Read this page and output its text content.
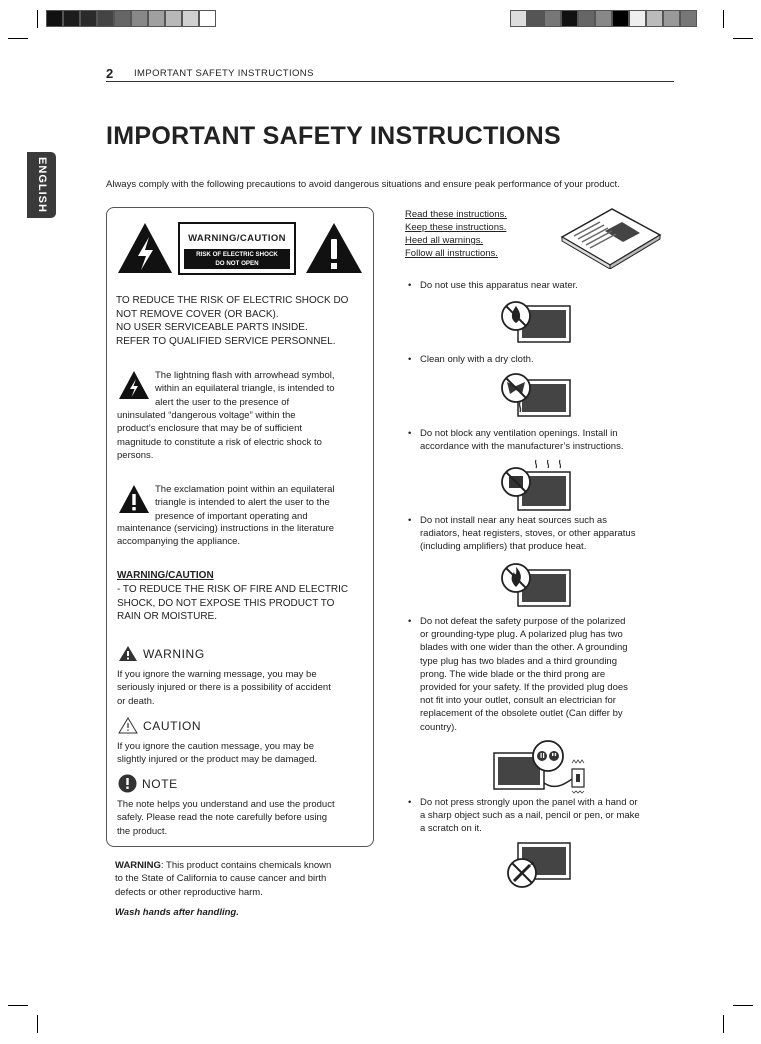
2 IMPORTANT SAFETY INSTRUCTIONS
ENGLISH
IMPORTANT SAFETY INSTRUCTIONS
Always comply with the following precautions to avoid dangerous situations and ensure peak performance of your product.
WARNING/CAUTION
RISK OF ELECTRIC SHOCK
DO NOT OPEN
TO REDUCE THE RISK OF ELECTRIC SHOCK DO
NOT REMOVE COVER (OR BACK).
NO USER SERVICEABLE PARTS INSIDE.
REFER TO QUALIFIED SERVICE PERSONNEL.
The lightning flash with arrowhead symbol,
within an equilateral triangle, is intended to
alert the user to the presence of
uninsulated “dangerous voltage” within the
product’s enclosure that may be of sufficient
magnitude to constitute a risk of electric shock to
persons.
The exclamation point within an equilateral
triangle is intended to alert the user to the
presence of important operating and
maintenance (servicing) instructions in the literature
accompanying the appliance.
WARNING/CAUTION
- TO REDUCE THE RISK OF FIRE AND ELECTRIC
SHOCK, DO NOT EXPOSE THIS PRODUCT TO
RAIN OR MOISTURE.
WARNING
If you ignore the warning message, you may be
seriously injured or there is a possibility of accident
or death.
CAUTION
If you ignore the caution message, you may be
slightly injured or the product may be damaged.
NOTE
The note helps you understand and use the product
safely. Please read the note carefully before using
the product.
WARNING: This product contains chemicals known
to the State of California to cause cancer and birth
defects or other reproductive harm.
Wash hands after handling.
Read these instructions.
Keep these instructions.
Heed all warnings.
Follow all instructions.
• Do not use this apparatus near water.
• Clean only with a dry cloth.
• Do not block any ventilation openings. Install in
accordance with the manufacturer’s instructions.
• Do not install near any heat sources such as
radiators, heat registers, stoves, or other apparatus
(including amplifiers) that produce heat.
• Do not defeat the safety purpose of the polarized
or grounding-type plug. A polarized plug has two
blades with one wider than the other. A grounding
type plug has two blades and a third grounding
prong. The wide blade or the third prong are
provided for your safety. If the provided plug does
not fit into your outlet, consult an electrician for
replacement of the obsolete outlet (Can differ by
country).
• Do not press strongly upon the panel with a hand or
a sharp object such as a nail, pencil or pen, or make
a scratch on it.
